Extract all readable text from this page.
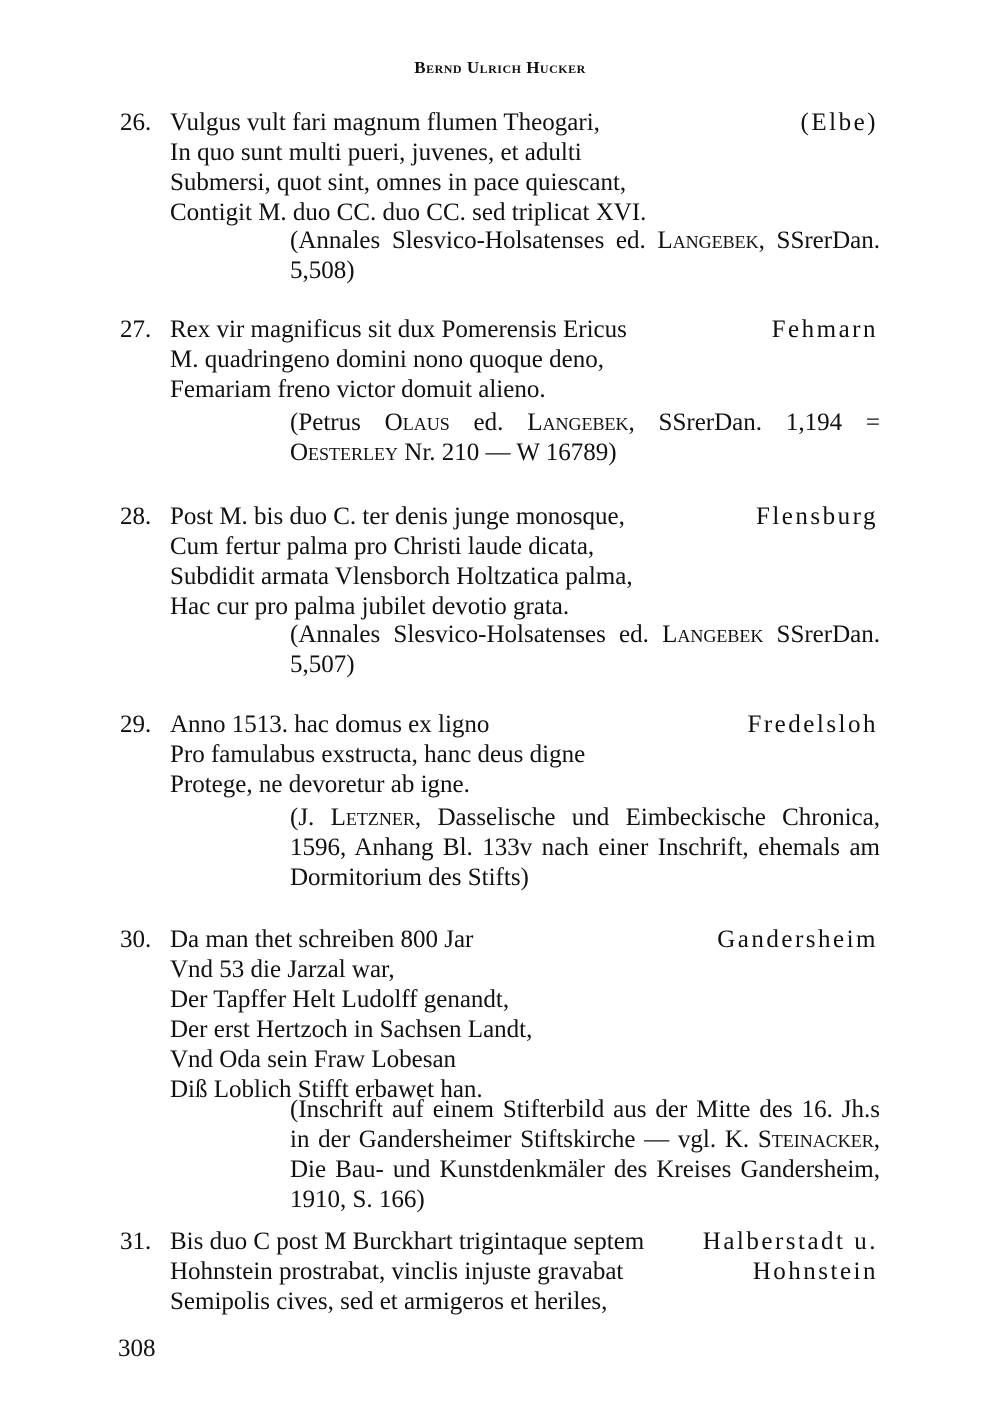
Bernd Ulrich Hucker
26. Vulgus vult fari magnum flumen Theogari,
In quo sunt multi pueri, juvenes, et adulti
Submersi, quot sint, omnes in pace quiescant,
Contigit M. duo CC. duo CC. sed triplicat XVI.
(Elbe)
(Annales Slesvico-Holsatenses ed. Langebek, SSrerDan. 5,508)
27. Rex vir magnificus sit dux Pomerensis Ericus
M. quadringeno domini nono quoque deno,
Femariam freno victor domuit alieno.
Fehmarn
(Petrus Olaus ed. Langebek, SSrerDan. 1,194 = Oesterley Nr. 210 — W 16789)
28. Post M. bis duo C. ter denis junge monosque,
Cum fertur palma pro Christi laude dicata,
Subdidit armata Vlensborch Holtzatica palma,
Hac cur pro palma jubilet devotio grata.
Flensburg
(Annales Slesvico-Holsatenses ed. Langebek SSrerDan. 5,507)
29. Anno 1513. hac domus ex ligno
Pro famulabus exstructa, hanc deus digne
Protege, ne devoretur ab igne.
Fredelsloh
(J. Letzner, Dasselische und Eimbeckische Chronica, 1596, Anhang Bl. 133v nach einer Inschrift, ehemals am Dormitorium des Stifts)
30. Da man thet schreiben 800 Jar
Vnd 53 die Jarzal war,
Der Tapffer Helt Ludolff genandt,
Der erst Hertzoch in Sachsen Landt,
Vnd Oda sein Fraw Lobesan
Diß Loblich Stifft erbawet han.
Gandersheim
(Inschrift auf einem Stifterbild aus der Mitte des 16. Jh.s in der Gandersheimer Stiftskirche — vgl. K. Steinacker, Die Bau- und Kunstdenkmäler des Kreises Gandersheim, 1910, S. 166)
31. Bis duo C post M Burckhart trigintaque septem
Hohnstein prostrabat, vinclis injuste gravabat
Semipolis cives, sed et armigeros et heriles,
Halberstadt u.
Hohnstein
308
